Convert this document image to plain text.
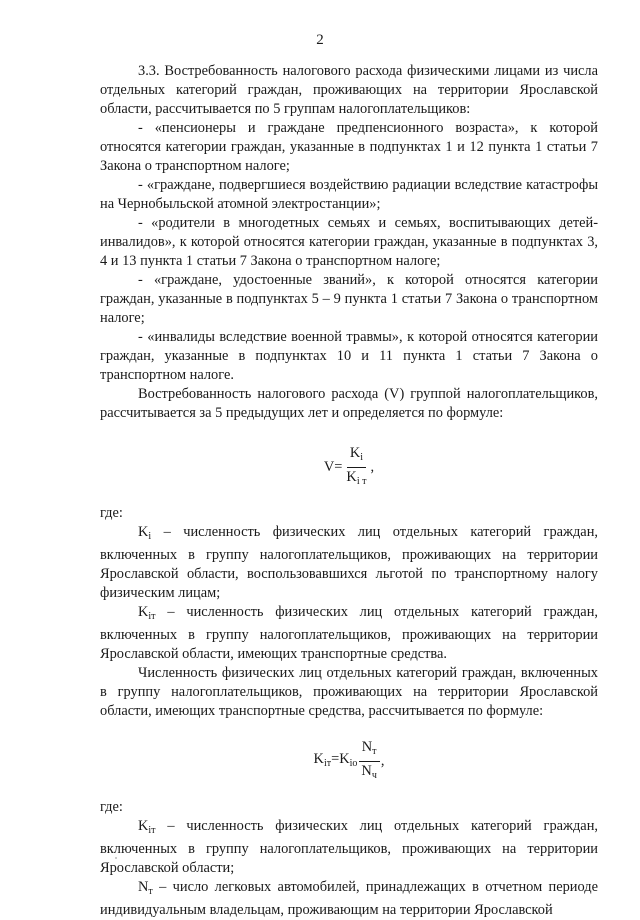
2

3.3. Востребованность налогового расхода физическими лицами из числа отдельных категорий граждан, проживающих на территории Ярославской области, рассчитывается по 5 группам налогоплательщиков:

- «пенсионеры и граждане предпенсионного возраста», к которой относятся категории граждан, указанные в подпунктах 1 и 12 пункта 1 статьи 7 Закона о транспортном налоге;

- «граждане, подвергшиеся воздействию радиации вследствие катастрофы на Чернобыльской атомной электростанции»;

- «родители в многодетных семьях и семьях, воспитывающих детей-инвалидов», к которой относятся категории граждан, указанные в подпунктах 3, 4 и 13 пункта 1 статьи 7 Закона о транспортном налоге;

- «граждане, удостоенные званий», к которой относятся категории граждан, указанные в подпунктах 5 – 9 пункта 1 статьи 7 Закона о транспортном налоге;

- «инвалиды вследствие военной травмы», к которой относятся категории граждан, указанные в подпунктах 10 и 11 пункта 1 статьи 7 Закона о транспортном налоге.

Востребованность налогового расхода (V) группой налогоплательщиков, рассчитывается за 5 предыдущих лет и определяется по формуле:

$V= \frac{K_i}{K_{i т}}$ ,

где:

$K_i$ – численность физических лиц отдельных категорий граждан, включенных в группу налогоплательщиков, проживающих на территории Ярославской области, воспользовавшихся льготой по транспортному налогу физическим лицам;

$K_{iт}$ – численность физических лиц отдельных категорий граждан, включенных в группу налогоплательщиков, проживающих на территории Ярославской области, имеющих транспортные средства.

Численность физических лиц отдельных категорий граждан, включенных в группу налогоплательщиков, проживающих на территории Ярославской области, имеющих транспортные средства, рассчитывается по формуле:

$K_{iт}=K_{io} \frac{N_т}{N_ч}$ ,

где:

$K_{iт}$ – численность физических лиц отдельных категорий граждан, включенных в группу налогоплательщиков, проживающих на территории Ярославской области;

$N_т$ – число легковых автомобилей, принадлежащих в отчетном периоде индивидуальным владельцам, проживающим на территории Ярославской
